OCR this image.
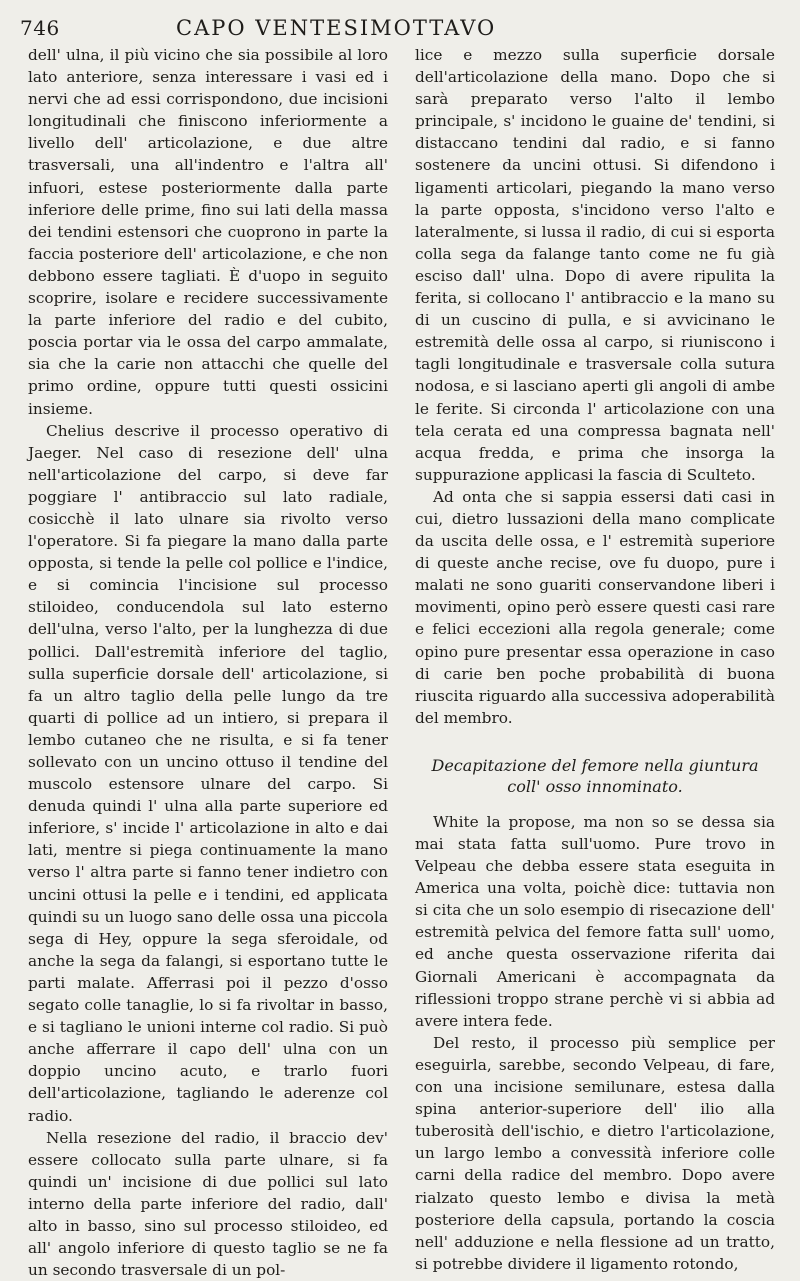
746	CAPO VENTESIMOTTAVO

dell' ulna, il più vicino che sia possibile al loro lato anteriore, senza interessare i vasi ed i nervi che ad essi corrispondono, due incisioni longitudinali che finiscono inferiormente a livello dell' articolazione, e due altre trasversali, una all'indentro e l'altra all' infuori, estese posteriormente dalla parte inferiore delle prime, fino sui lati della massa dei tendini estensori che cuoprono in parte la faccia posteriore dell' articolazione, e che non debbono essere tagliati. È d'uopo in seguito scoprire, isolare e recidere successivamente la parte inferiore del radio e del cubito, poscia portar via le ossa del carpo ammalate, sia che la carie non attacchi che quelle del primo ordine, oppure tutti questi ossicini insieme.

Chelius descrive il processo operativo di Jaeger. Nel caso di resezione dell' ulna nell'articolazione del carpo, si deve far poggiare l' antibraccio sul lato radiale, cosicchè il lato ulnare sia rivolto verso l'operatore. Si fa piegare la mano dalla parte opposta, si tende la pelle col pollice e l'indice, e si comincia l'incisione sul processo stiloideo, conducendola sul lato esterno dell'ulna, verso l'alto, per la lunghezza di due pollici. Dall'estremità inferiore del taglio, sulla superficie dorsale dell' articolazione, si fa un altro taglio della pelle lungo da tre quarti di pollice ad un intiero, si prepara il lembo cutaneo che ne risulta, e si fa tener sollevato con un uncino ottuso il tendine del muscolo estensore ulnare del carpo. Si denuda quindi l' ulna alla parte superiore ed inferiore, s' incide l' articolazione in alto e dai lati, mentre si piega continuamente la mano verso l' altra parte si fanno tener indietro con uncini ottusi la pelle e i tendini, ed applicata quindi su un luogo sano delle ossa una piccola sega di Hey, oppure la sega sferoidale, od anche la sega da falangi, si esportano tutte le parti malate. Afferrasi poi il pezzo d'osso segato colle tanaglie, lo si fa rivoltar in basso, e si tagliano le unioni interne col radio. Si può anche afferrare il capo dell' ulna con un doppio uncino acuto, e trarlo fuori dell'articolazione, tagliando le aderenze col radio.

Nella resezione del radio, il braccio dev' essere collocato sulla parte ulnare, si fa quindi un' incisione di due pollici sul lato interno della parte inferiore del radio, dall' alto in basso, sino sul processo stiloideo, ed all' angolo inferiore di questo taglio se ne fa un secondo trasversale di un pol-

lice e mezzo sulla superficie dorsale dell'articolazione della mano. Dopo che si sarà preparato verso l'alto il lembo principale, s' incidono le guaine de' tendini, si distaccano tendini dal radio, e si fanno sostenere da uncini ottusi. Si difendono i ligamenti articolari, piegando la mano verso la parte opposta, s'incidono verso l'alto e lateralmente, si lussa il radio, di cui si esporta colla sega da falange tanto come ne fu già esciso dall' ulna. Dopo di avere ripulita la ferita, si collocano l' antibraccio e la mano su di un cuscino di pulla, e si avvicinano le estremità delle ossa al carpo, si riuniscono i tagli longitudinale e trasversale colla sutura nodosa, e si lasciano aperti gli angoli di ambe le ferite. Si circonda l' articolazione con una tela cerata ed una compressa bagnata nell' acqua fredda, e prima che insorga la suppurazione applicasi la fascia di Sculteto.

Ad onta che si sappia essersi dati casi in cui, dietro lussazioni della mano complicate da uscita delle ossa, e l' estremità superiore di queste anche recise, ove fu duopo, pure i malati ne sono guariti conservandone liberi i movimenti, opino però essere questi casi rare e felici eccezioni alla regola generale; come opino pure presentar essa operazione in caso di carie ben poche probabilità di buona riuscita riguardo alla successiva adoperabilità del membro.

Decapitazione del femore nella giuntura
coll' osso innominato.

White la propose, ma non so se dessa sia mai stata fatta sull'uomo. Pure trovo in Velpeau che debba essere stata eseguita in America una volta, poichè dice: tuttavia non si cita che un solo esempio di risecazione dell' estremità pelvica del femore fatta sull' uomo, ed anche questa osservazione riferita dai Giornali Americani è accompagnata da riflessioni troppo strane perchè vi si abbia ad avere intera fede.

Del resto, il processo più semplice per eseguirla, sarebbe, secondo Velpeau, di fare, con una incisione semilunare, estesa dalla spina anterior-superiore dell' ilio alla tuberosità dell'ischio, e dietro l'articolazione, un largo lembo a convessità inferiore colle carni della radice del membro. Dopo avere rialzato questo lembo e divisa la metà posteriore della capsula, portando la coscia nell' adduzione e nella flessione ad un tratto, si potrebbe dividere il ligamento rotondo,
